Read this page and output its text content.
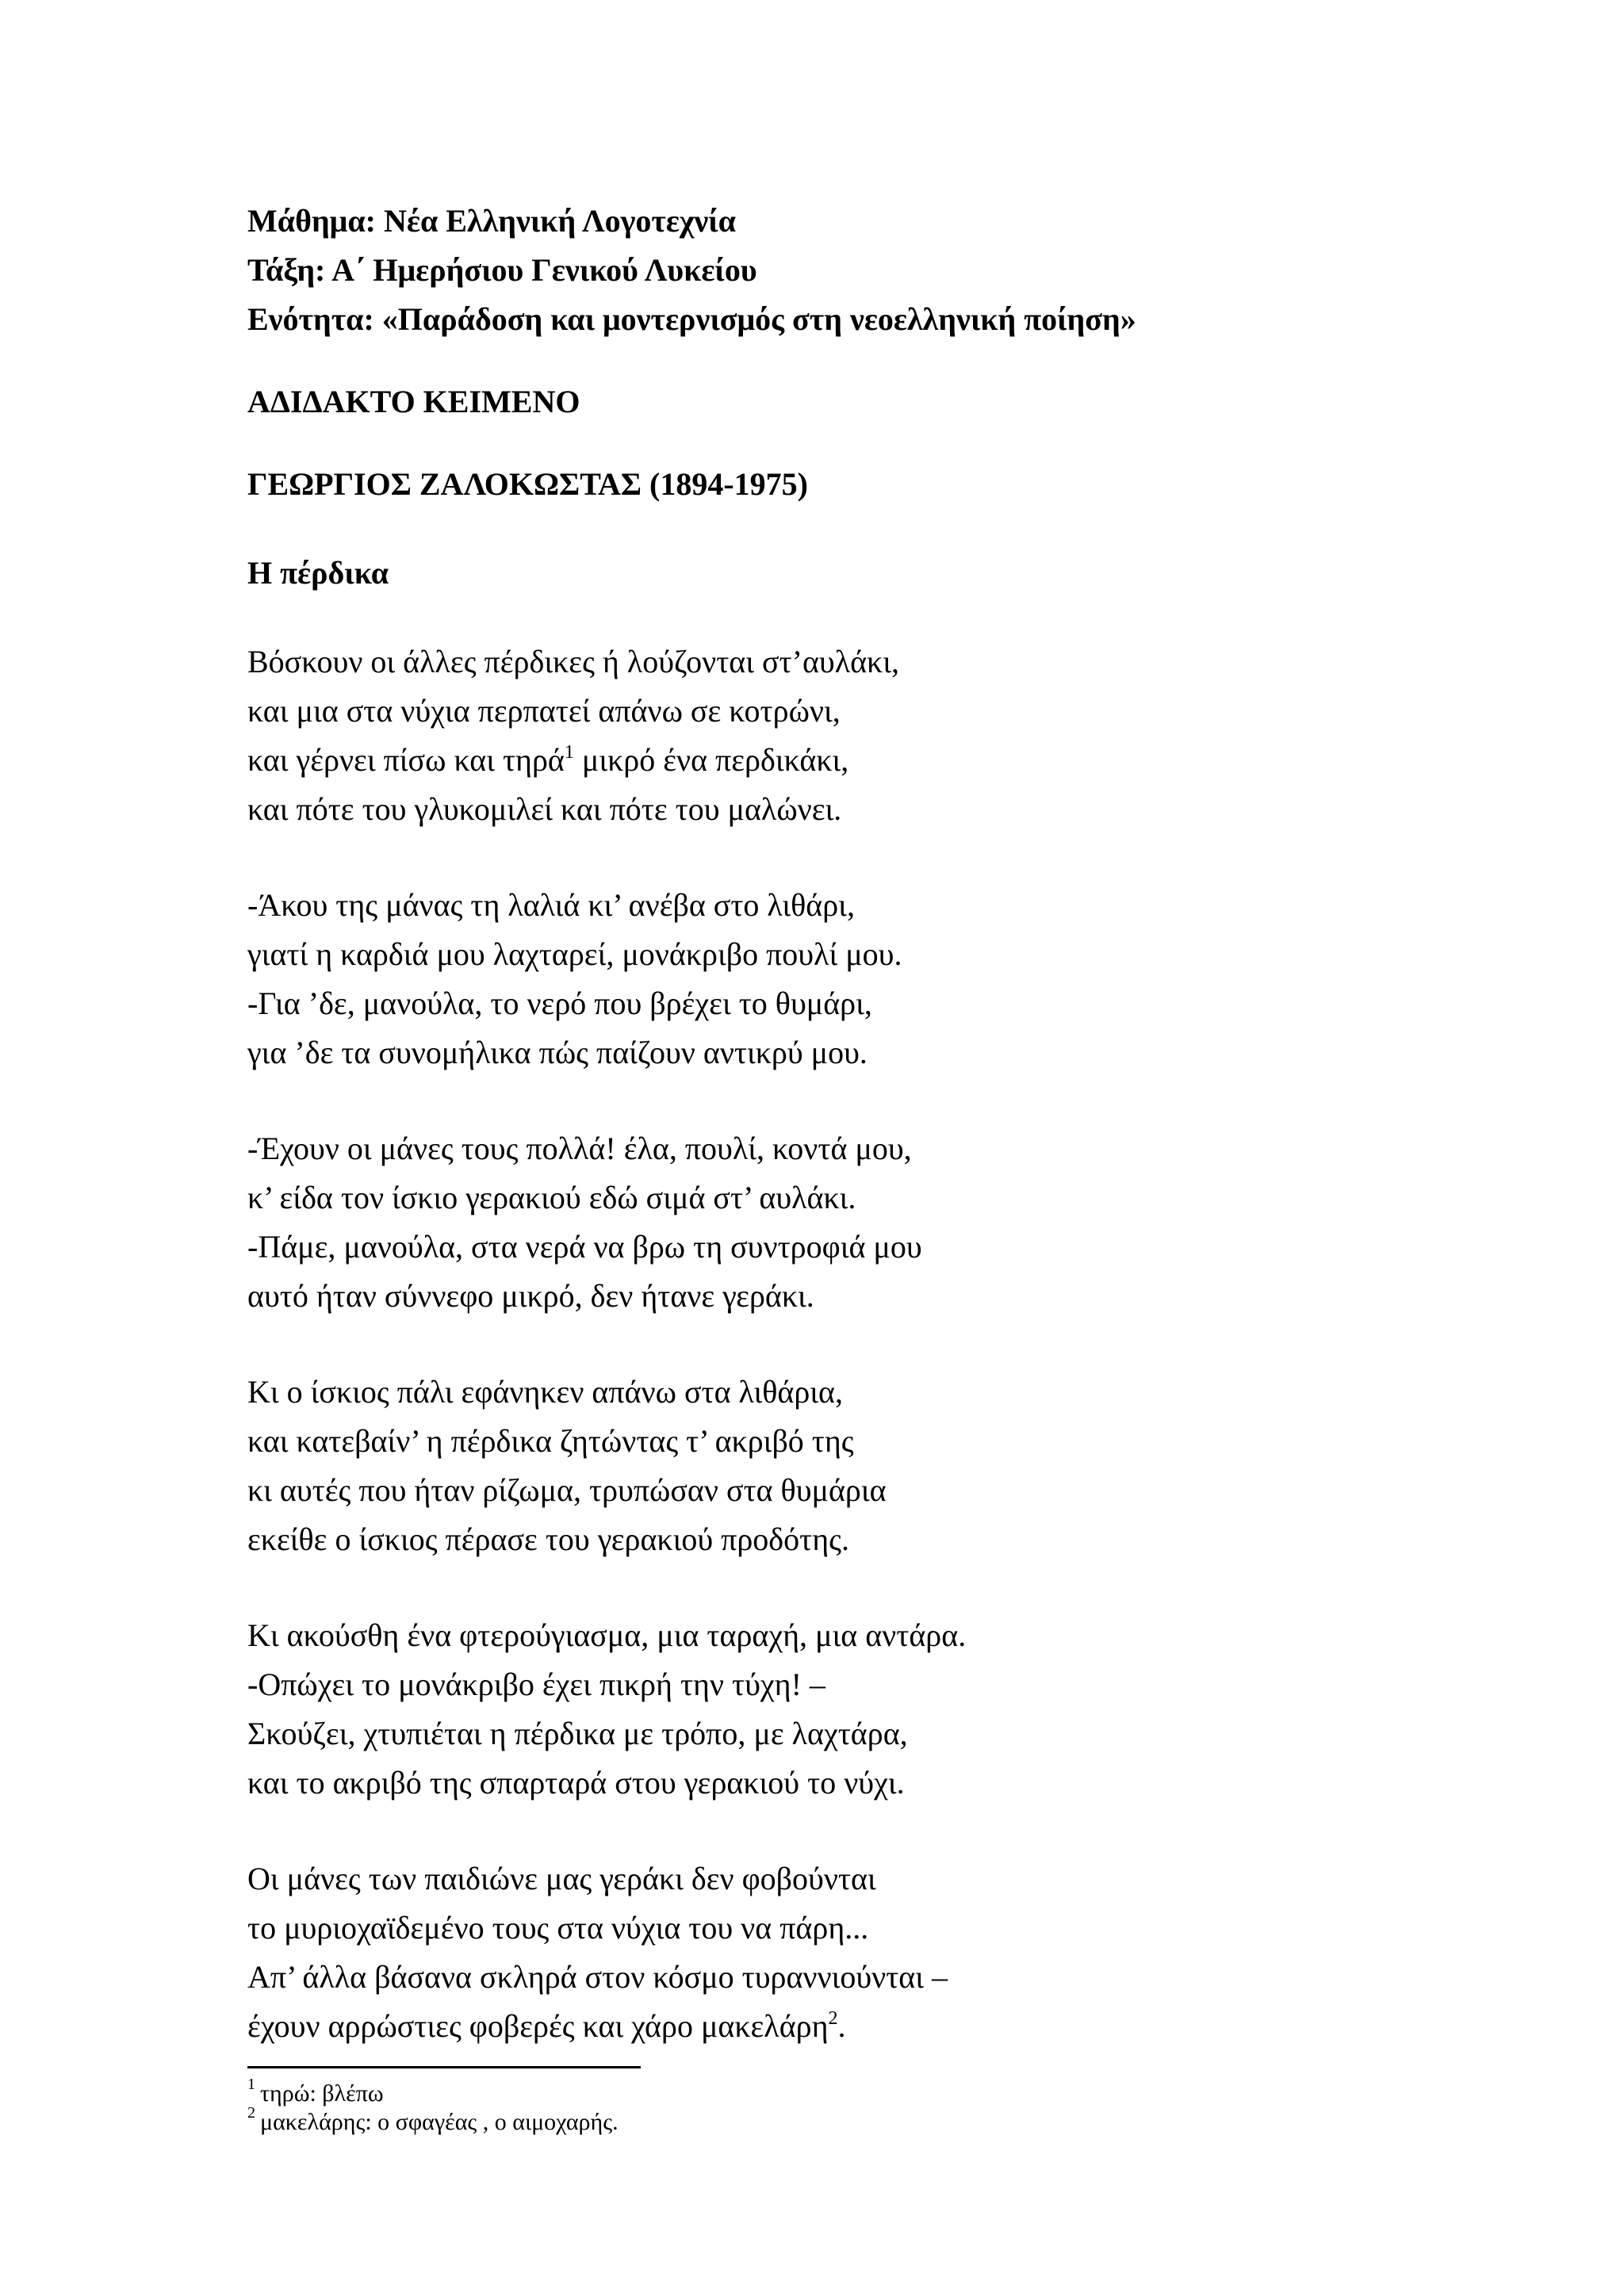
Μάθημα: Νέα Ελληνική Λογοτεχνία

Τάξη: Α΄ Ημερήσιου Γενικού Λυκείου

Ενότητα: «Παράδοση και μοντερνισμός στη νεοελληνική ποίηση»

ΑΔΙΔΑΚΤΟ ΚΕΙΜΕΝΟ

ΓΕΩΡΓΙΟΣ ΖΑΛΟΚΩΣΤΑΣ (1894-1975)

Η πέρδικα

Βόσκουν οι άλλες πέρδικες ή λούζονται στ’αυλάκι,

και μια στα νύχια περπατεί απάνω σε κοτρώνι,

και γέρνει πίσω και τηρά$^1$ μικρό ένα περδικάκι,

και πότε του γλυκομιλεί και πότε του μαλώνει.

-Άκου της μάνας τη λαλιά κι’ ανέβα στο λιθάρι,

γιατί η καρδιά μου λαχταρεί, μονάκριβο πουλί μου.

-Για ’δε, μανούλα, το νερό που βρέχει το θυμάρι,

για ’δε τα συνομήλικα πώς παίζουν αντικρύ μου.

-Έχουν οι μάνες τους πολλά! έλα, πουλί, κοντά μου,

κ’ είδα τον ίσκιο γερακιού εδώ σιμά στ’ αυλάκι.

-Πάμε, μανούλα, στα νερά να βρω τη συντροφιά μου

αυτό ήταν σύννεφο μικρό, δεν ήτανε γεράκι.

Κι ο ίσκιος πάλι εφάνηκεν απάνω στα λιθάρια,

και κατεβαίν’ η πέρδικα ζητώντας τ’ ακριβό της

κι αυτές που ήταν ρίζωμα, τρυπώσαν στα θυμάρια

εκείθε ο ίσκιος πέρασε του γερακιού προδότης.

Κι ακούσθη ένα φτερούγιασμα, μια ταραχή, μια αντάρα.

-Οπώχει το μονάκριβο έχει πικρή την τύχη! –

Σκούζει, χτυπιέται η πέρδικα με τρόπο, με λαχτάρα,

και το ακριβό της σπαρταρά στου γερακιού το νύχι.

Οι μάνες των παιδιώνε μας γεράκι δεν φοβούνται

το μυριοχαϊδεμένο τους στα νύχια του να πάρη...

Απ’ άλλα βάσανα σκληρά στον κόσμο τυραννιούνται –

έχουν αρρώστιες φοβερές και χάρο μακελάρη$^2$.

$^1$ τηρώ: βλέπω

$^2$ μακελάρης: ο σφαγέας , ο αιμοχαρής.
